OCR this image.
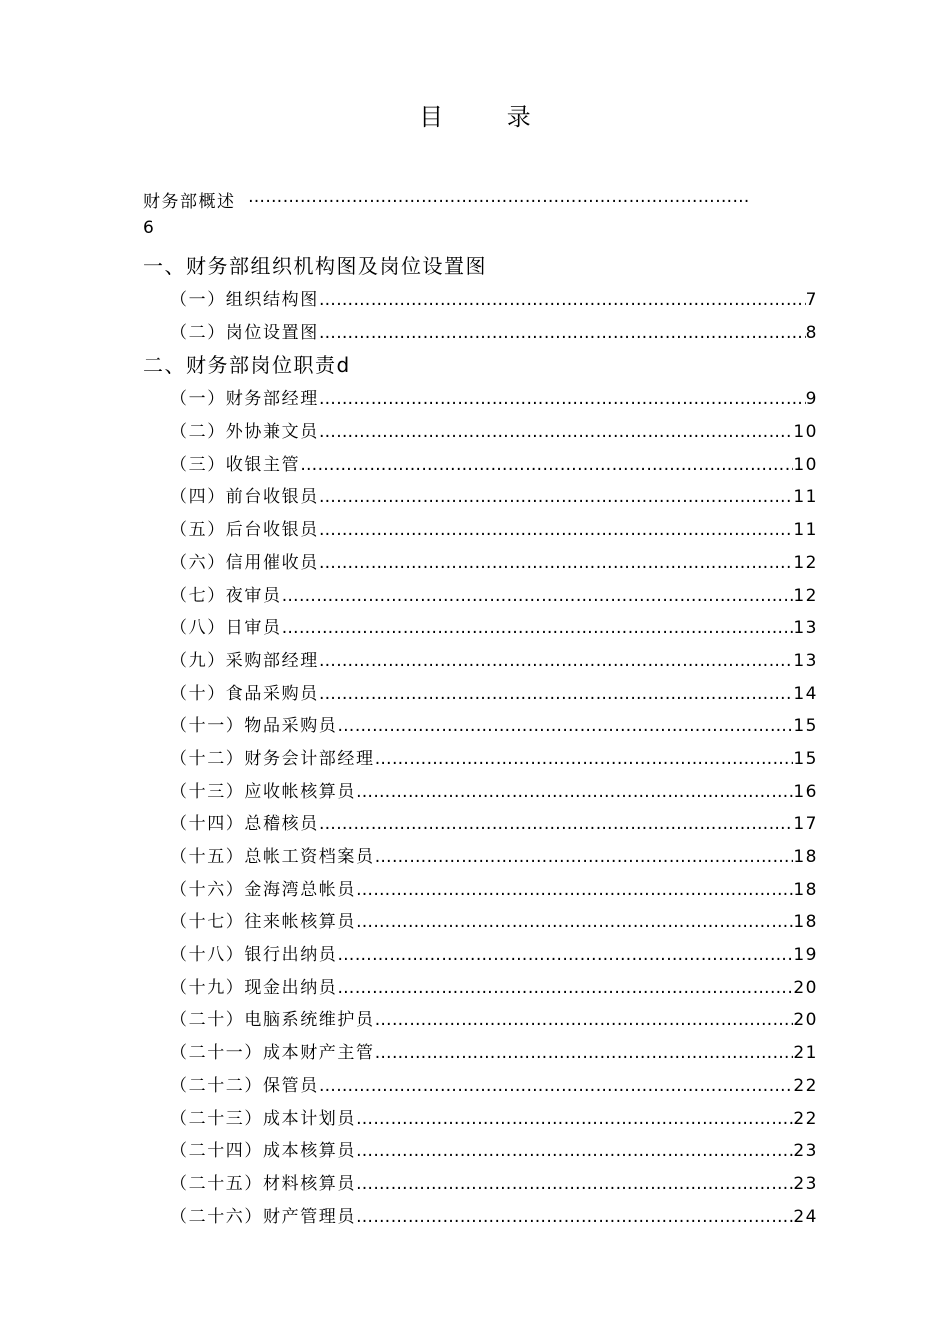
目 录
财务部概述 ……………………………………………………………………………
6
一、财务部组织机构图及岗位设置图
（一）组织结构图 ……………………………………………………………………………………………………………………………………………………	7
（二）岗位设置图 ……………………………………………………………………………………………………………………………………………………	8
二、财务部岗位职责d
（一）财务部经理 ……………………………………………………………………………………………………………………………………………………	9
（二）外协兼文员 ……………………………………………………………………………………………………………………………………………………	10
（三）收银主管 ……………………………………………………………………………………………………………………………………………………	10
（四）前台收银员 ……………………………………………………………………………………………………………………………………………………	11
（五）后台收银员 ……………………………………………………………………………………………………………………………………………………	11
（六）信用催收员 ……………………………………………………………………………………………………………………………………………………	12
（七）夜审员 ……………………………………………………………………………………………………………………………………………………	12
（八）日审员 ……………………………………………………………………………………………………………………………………………………	13
（九）采购部经理 ……………………………………………………………………………………………………………………………………………………	13
（十）食品采购员 ……………………………………………………………………………………………………………………………………………………	14
（十一）物品采购员 ……………………………………………………………………………………………………………………………………………………	15
（十二）财务会计部经理 ……………………………………………………………………………………………………………………………………………………	15
（十三）应收帐核算员 ……………………………………………………………………………………………………………………………………………………	16
（十四）总稽核员 ……………………………………………………………………………………………………………………………………………………	17
（十五）总帐工资档案员 ……………………………………………………………………………………………………………………………………………………	18
（十六）金海湾总帐员 ……………………………………………………………………………………………………………………………………………………	18
（十七）往来帐核算员 ……………………………………………………………………………………………………………………………………………………	18
（十八）银行出纳员 ……………………………………………………………………………………………………………………………………………………	19
（十九）现金出纳员 ……………………………………………………………………………………………………………………………………………………	20
（二十）电脑系统维护员 ……………………………………………………………………………………………………………………………………………………	20
（二十一）成本财产主管 ……………………………………………………………………………………………………………………………………………………	21
（二十二）保管员 ……………………………………………………………………………………………………………………………………………………	22
（二十三）成本计划员 ……………………………………………………………………………………………………………………………………………………	22
（二十四）成本核算员 ……………………………………………………………………………………………………………………………………………………	23
（二十五）材料核算员 ……………………………………………………………………………………………………………………………………………………	23
（二十六）财产管理员 ……………………………………………………………………………………………………………………………………………………	24
